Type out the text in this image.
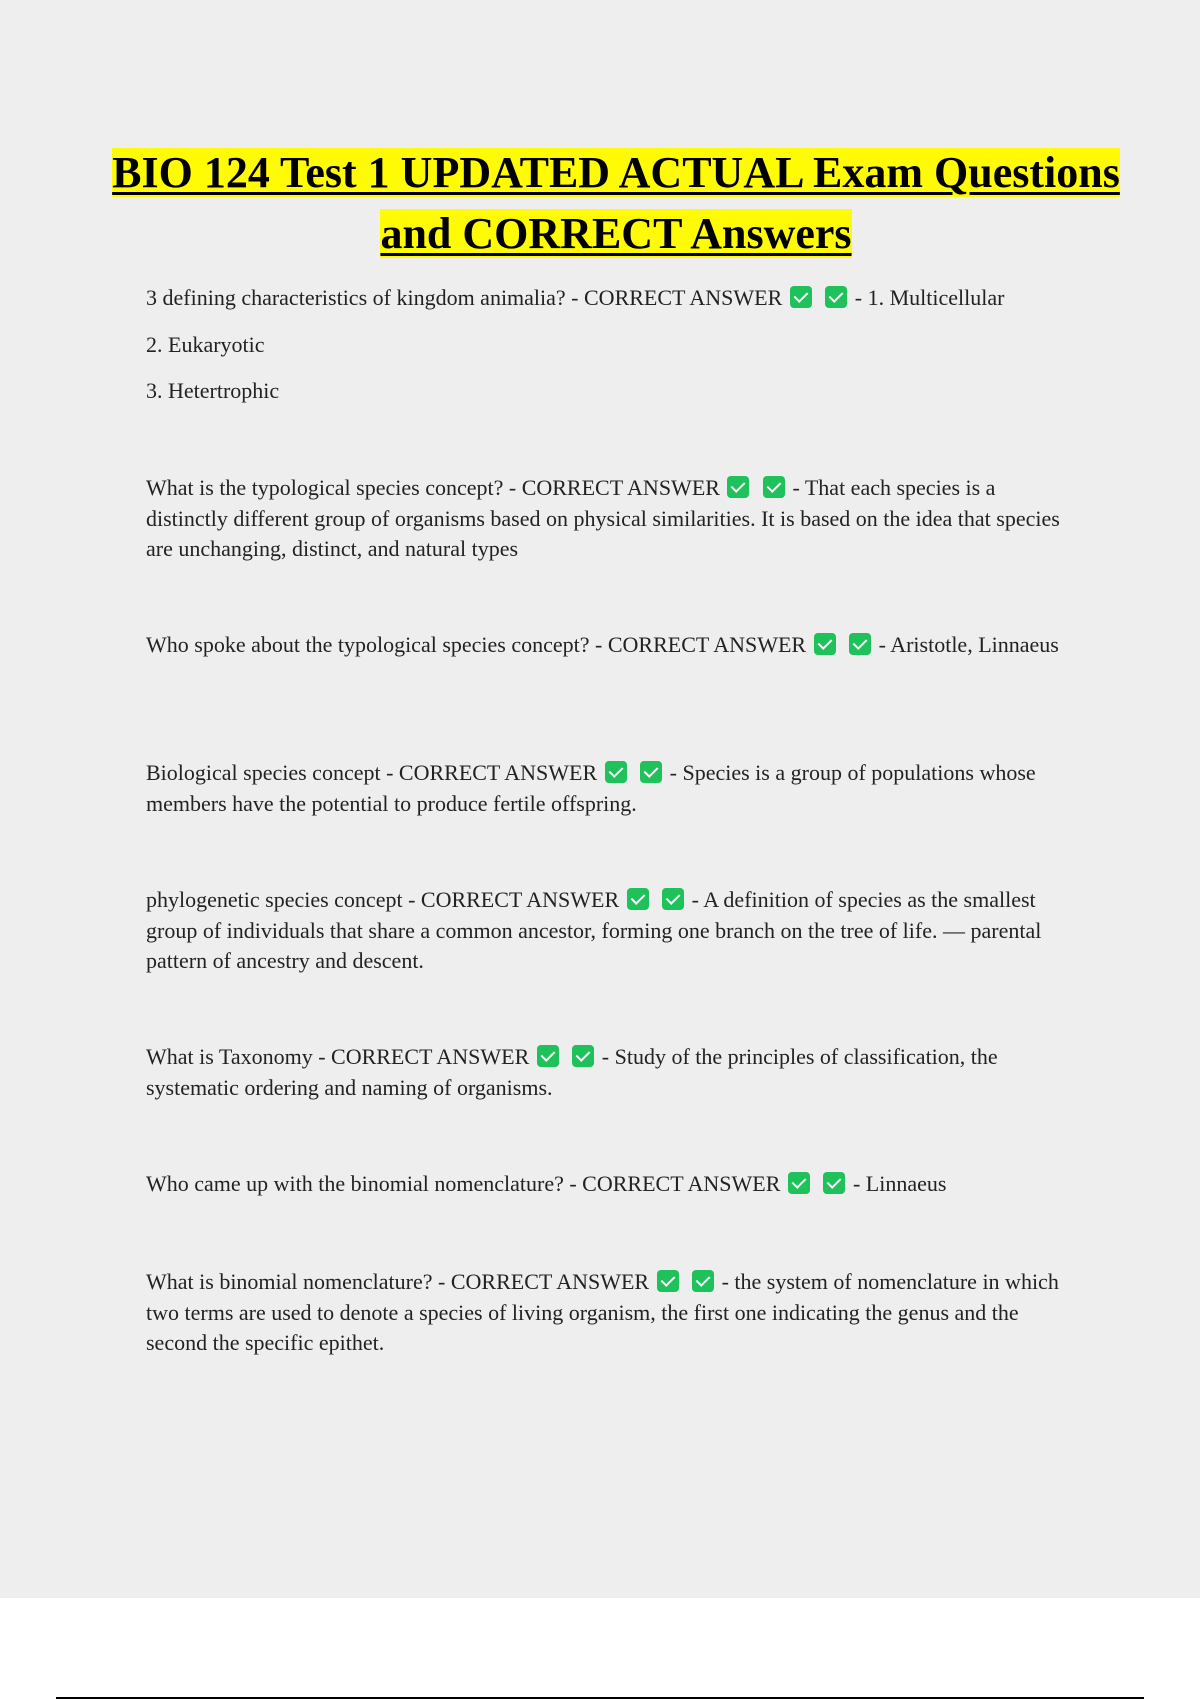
BIO 124 Test 1 UPDATED ACTUAL Exam Questions and CORRECT Answers

3 defining characteristics of kingdom animalia? - CORRECT ANSWER	- 1. Multicellular

2. Eukaryotic

3. Hetertrophic

What is the typological species concept? - CORRECT ANSWER	- That each species is a distinctly different group of organisms based on physical similarities. It is based on the idea that species are unchanging, distinct, and natural types

Who spoke about the typological species concept? - CORRECT ANSWER	- Aristotle, Linnaeus

Biological species concept - CORRECT ANSWER	- Species is a group of populations whose members have the potential to produce fertile offspring.

phylogenetic species concept - CORRECT ANSWER	- A definition of species as the smallest group of individuals that share a common ancestor, forming one branch on the tree of life. — parental pattern of ancestry and descent.

What is Taxonomy - CORRECT ANSWER	- Study of the principles of classification, the systematic ordering and naming of organisms.

Who came up with the binomial nomenclature? - CORRECT ANSWER	- Linnaeus

What is binomial nomenclature? - CORRECT ANSWER	- the system of nomenclature in which two terms are used to denote a species of living organism, the first one indicating the genus and the second the specific epithet.
